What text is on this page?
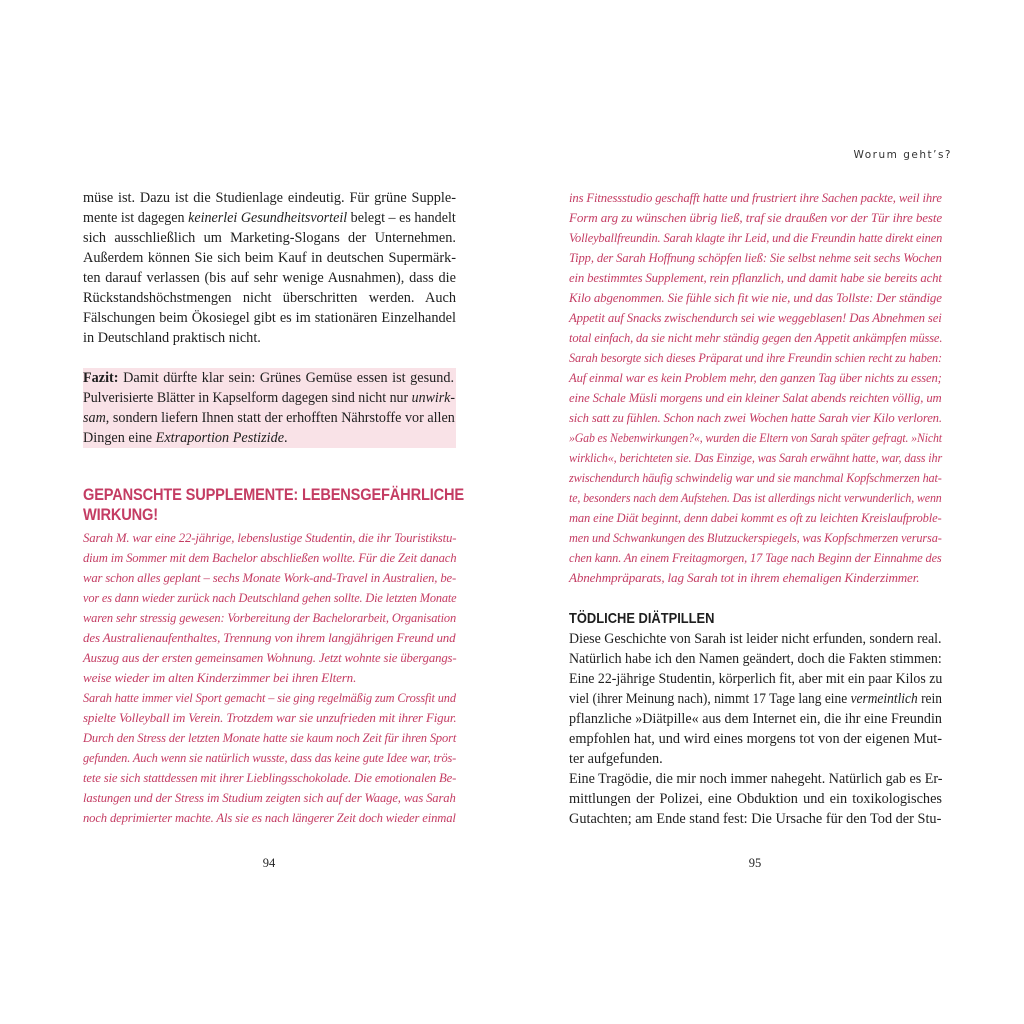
müse ist. Dazu ist die Studienlage eindeutig. Für grüne Supple-
mente ist dagegen keinerlei Gesundheitsvorteil belegt – es handelt
sich ausschließlich um Marketing-Slogans der Unternehmen.
Außerdem können Sie sich beim Kauf in deutschen Supermärk-
ten darauf verlassen (bis auf sehr wenige Ausnahmen), dass die
Rückstandshöchstmengen nicht überschritten werden. Auch
Fälschungen beim Ökosiegel gibt es im stationären Einzelhandel
in Deutschland praktisch nicht.
Fazit: Damit dürfte klar sein: Grünes Gemüse essen ist gesund.
Pulverisierte Blätter in Kapselform dagegen sind nicht nur unwirk-
sam, sondern liefern Ihnen statt der erhofften Nährstoffe vor allen
Dingen eine Extraportion Pestizide.
GEPANSCHTE SUPPLEMENTE: LEBENSGEFÄHRLICHE
WIRKUNG!
Sarah M. war eine 22-jährige, lebenslustige Studentin, die ihr Touristikstu-
dium im Sommer mit dem Bachelor abschließen wollte. Für die Zeit danach
war schon alles geplant – sechs Monate Work-and-Travel in Australien, be-
vor es dann wieder zurück nach Deutschland gehen sollte. Die letzten Monate
waren sehr stressig gewesen: Vorbereitung der Bachelorarbeit, Organisation
des Australienaufenthaltes, Trennung von ihrem langjährigen Freund und
Auszug aus der ersten gemeinsamen Wohnung. Jetzt wohnte sie übergangs-
weise wieder im alten Kinderzimmer bei ihren Eltern.
Sarah hatte immer viel Sport gemacht – sie ging regelmäßig zum Crossfit und
spielte Volleyball im Verein. Trotzdem war sie unzufrieden mit ihrer Figur.
Durch den Stress der letzten Monate hatte sie kaum noch Zeit für ihren Sport
gefunden. Auch wenn sie natürlich wusste, dass das keine gute Idee war, trös-
tete sie sich stattdessen mit ihrer Lieblingsschokolade. Die emotionalen Be-
lastungen und der Stress im Studium zeigten sich auf der Waage, was Sarah
noch deprimierter machte. Als sie es nach längerer Zeit doch wieder einmal
94
Worum geht’s?
95
ins Fitnessstudio geschafft hatte und frustriert ihre Sachen packte, weil ihre
Form arg zu wünschen übrig ließ, traf sie draußen vor der Tür ihre beste
Volleyballfreundin. Sarah klagte ihr Leid, und die Freundin hatte direkt einen
Tipp, der Sarah Hoffnung schöpfen ließ: Sie selbst nehme seit sechs Wochen
ein bestimmtes Supplement, rein pflanzlich, und damit habe sie bereits acht
Kilo abgenommen. Sie fühle sich fit wie nie, und das Tollste: Der ständige
Appetit auf Snacks zwischendurch sei wie weggeblasen! Das Abnehmen sei
total einfach, da sie nicht mehr ständig gegen den Appetit ankämpfen müsse.
Sarah besorgte sich dieses Präparat und ihre Freundin schien recht zu haben:
Auf einmal war es kein Problem mehr, den ganzen Tag über nichts zu essen;
eine Schale Müsli morgens und ein kleiner Salat abends reichten völlig, um
sich satt zu fühlen. Schon nach zwei Wochen hatte Sarah vier Kilo verloren.
»Gab es Nebenwirkungen?«, wurden die Eltern von Sarah später gefragt. »Nicht
wirklich«, berichteten sie. Das Einzige, was Sarah erwähnt hatte, war, dass ihr
zwischendurch häufig schwindelig war und sie manchmal Kopfschmerzen hat-
te, besonders nach dem Aufstehen. Das ist allerdings nicht verwunderlich, wenn
man eine Diät beginnt, denn dabei kommt es oft zu leichten Kreislaufproble-
men und Schwankungen des Blutzuckerspiegels, was Kopfschmerzen verursa-
chen kann. An einem Freitagmorgen, 17 Tage nach Beginn der Einnahme des
Abnehmpräparats, lag Sarah tot in ihrem ehemaligen Kinderzimmer.
TÖDLICHE DIÄTPILLEN
Diese Geschichte von Sarah ist leider nicht erfunden, sondern real.
Natürlich habe ich den Namen geändert, doch die Fakten stimmen:
Eine 22-jährige Studentin, körperlich fit, aber mit ein paar Kilos zu
viel (ihrer Meinung nach), nimmt 17 Tage lang eine vermeintlich rein
pflanzliche »Diätpille« aus dem Internet ein, die ihr eine Freundin
empfohlen hat, und wird eines morgens tot von der eigenen Mut-
ter aufgefunden.
Eine Tragödie, die mir noch immer nahegeht. Natürlich gab es Er-
mittlungen der Polizei, eine Obduktion und ein toxikologisches
Gutachten; am Ende stand fest: Die Ursache für den Tod der Stu-
